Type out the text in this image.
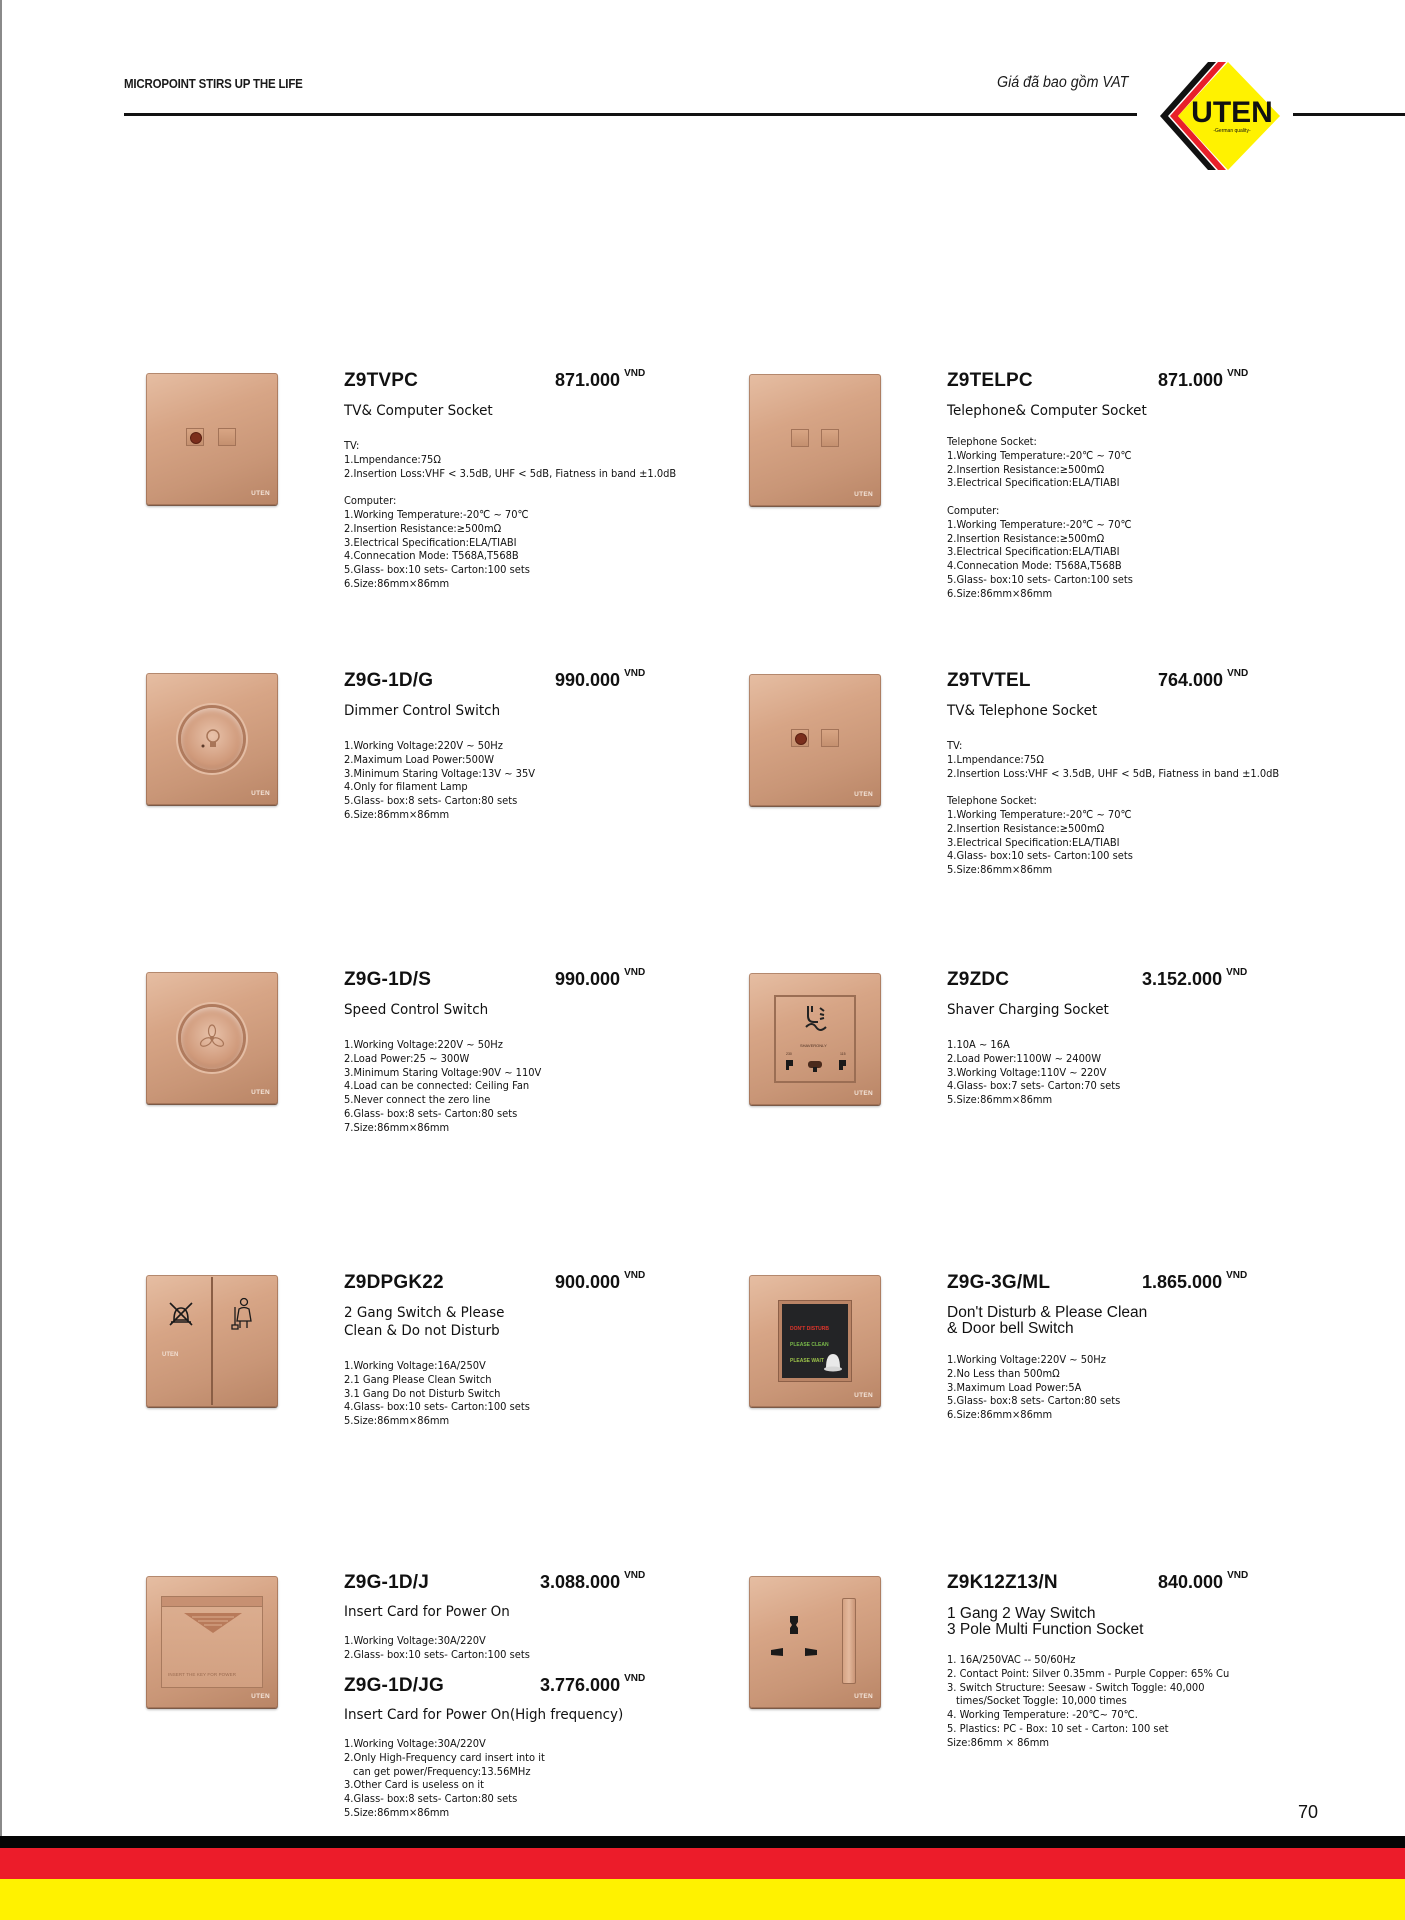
MICROPOINT STIRS UP THE LIFE	Giá đã bao gồm VAT
UTEN
-German quality-
UTEN
Z9TVPC	871.000 $^{VND}$
TV& Computer Socket
TV:
1.Lmpendance:75Ω
2.Insertion Loss:VHF < 3.5dB, UHF < 5dB, Fiatness in band ±1.0dB
Computer:
1.Working Temperature:-20℃ ~ 70℃
2.Insertion Resistance:≥500mΩ
3.Electrical Specification:ELA/TIABI
4.Connecation Mode: T568A,T568B
5.Glass- box:10 sets- Carton:100 sets
6.Size:86mm×86mm
UTEN
Z9TELPC	871.000 $^{VND}$
Telephone& Computer Socket
Telephone Socket:
1.Working Temperature:-20℃ ~ 70℃
2.Insertion Resistance:≥500mΩ
3.Electrical Specification:ELA/TIABI
Computer:
1.Working Temperature:-20℃ ~ 70℃
2.Insertion Resistance:≥500mΩ
3.Electrical Specification:ELA/TIABI
4.Connecation Mode: T568A,T568B
5.Glass- box:10 sets- Carton:100 sets
6.Size:86mm×86mm
UTEN
Z9G-1D/G	990.000 $^{VND}$
Dimmer Control Switch
1.Working Voltage:220V ~ 50Hz
2.Maximum Load Power:500W
3.Minimum Staring Voltage:13V ~ 35V
4.Only for filament Lamp
5.Glass- box:8 sets- Carton:80 sets
6.Size:86mm×86mm
UTEN
Z9TVTEL	764.000 $^{VND}$
TV& Telephone Socket
TV:
1.Lmpendance:75Ω
2.Insertion Loss:VHF < 3.5dB, UHF < 5dB, Fiatness in band ±1.0dB
Telephone Socket:
1.Working Temperature:-20℃ ~ 70℃
2.Insertion Resistance:≥500mΩ
3.Electrical Specification:ELA/TIABI
4.Glass- box:10 sets- Carton:100 sets
5.Size:86mm×86mm
UTEN
Z9G-1D/S	990.000 $^{VND}$
Speed Control Switch
1.Working Voltage:220V ~ 50Hz
2.Load Power:25 ~ 300W
3.Minimum Staring Voltage:90V ~ 110V
4.Load can be connected: Ceiling Fan
5.Never connect the zero line
6.Glass- box:8 sets- Carton:80 sets
7.Size:86mm×86mm
SHAVERONLY
230	115
UTEN
Z9ZDC	3.152.000 $^{VND}$
Shaver Charging Socket
1.10A ~ 16A
2.Load Power:1100W ~ 2400W
3.Working Voltage:110V ~ 220V
4.Glass- box:7 sets- Carton:70 sets
5.Size:86mm×86mm
UTEN
Z9DPGK22	900.000 $^{VND}$
2 Gang Switch & Please
Clean & Do not Disturb
1.Working Voltage:16A/250V
2.1 Gang Please Clean Switch
3.1 Gang Do not Disturb Switch
4.Glass- box:10 sets- Carton:100 sets
5.Size:86mm×86mm
DON'T DISTURB
PLEASE CLEAN
PLEASE WAIT
UTEN
Z9G-3G/ML	1.865.000 $^{VND}$
Don't Disturb & Please Clean
& Door bell Switch
1.Working Voltage:220V ~ 50Hz
2.No Less than 500mΩ
3.Maximum Load Power:5A
5.Glass- box:8 sets- Carton:80 sets
6.Size:86mm×86mm
INSERT THE KEY FOR POWER
UTEN
Z9G-1D/J	3.088.000 $^{VND}$
Insert Card for Power On
1.Working Voltage:30A/220V
2.Glass- box:10 sets- Carton:100 sets
Z9G-1D/JG	3.776.000 $^{VND}$
Insert Card for Power On(High frequency)
1.Working Voltage:30A/220V
2.Only High-Frequency card insert into it
can get power/Frequency:13.56MHz
3.Other Card is useless on it
4.Glass- box:8 sets- Carton:80 sets
5.Size:86mm×86mm
UTEN
Z9K12Z13/N	840.000 $^{VND}$
1 Gang 2 Way Switch
3 Pole Multi Function Socket
1. 16A/250VAC -- 50/60Hz
2. Contact Point: Silver 0.35mm - Purple Copper: 65% Cu
3. Switch Structure: Seesaw - Switch Toggle: 40,000
times/Socket Toggle: 10,000 times
4. Working Temperature: -20℃~ 70℃.
5. Plastics: PC - Box: 10 set - Carton: 100 set
Size:86mm × 86mm
70
